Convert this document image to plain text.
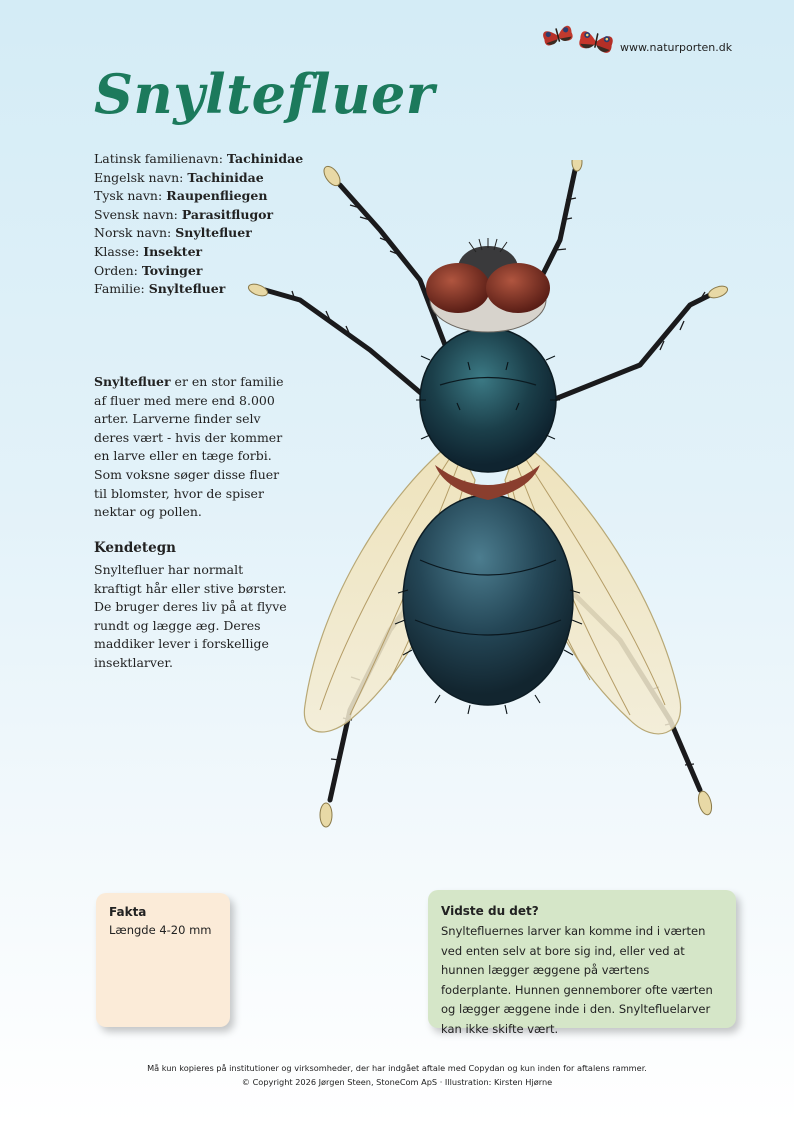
www.naturporten.dk
Snyltefluer
Latinsk familienavn: Tachinidae
Engelsk navn: Tachinidae
Tysk navn: Raupenfliegen
Svensk navn: Parasitflugor
Norsk navn: Snyltefluer
Klasse: Insekter
Orden: Tovinger
Familie: Snyltefluer

Snyltefluer er en stor familie af fluer med mere end 8.000 arter. Larverne finder selv deres vært - hvis der kommer en larve eller en tæge forbi. Som voksne søger disse fluer til blomster, hvor de spiser nektar og pollen.

Kendetegn

Snyltefluer har normalt kraftigt hår eller stive børster. De bruger deres liv på at flyve rundt og lægge æg. Deres maddiker lever i forskellige insektlarver.

Fakta
Længde 4-20 mm
Vidste du det?
Snyltefluernes larver kan komme ind i værten ved enten selv at bore sig ind, eller ved at hunnen lægger æggene på værtens foderplante. Hunnen gennemborer ofte værten og lægger æggene inde i den. Snyltefluelarver kan ikke skifte vært.
Må kun kopieres på institutioner og virksomheder, der har indgået aftale med Copydan og kun inden for aftalens rammer.
© Copyright 2026 Jørgen Steen, StoneCom ApS · Illustration: Kirsten Hjørne
